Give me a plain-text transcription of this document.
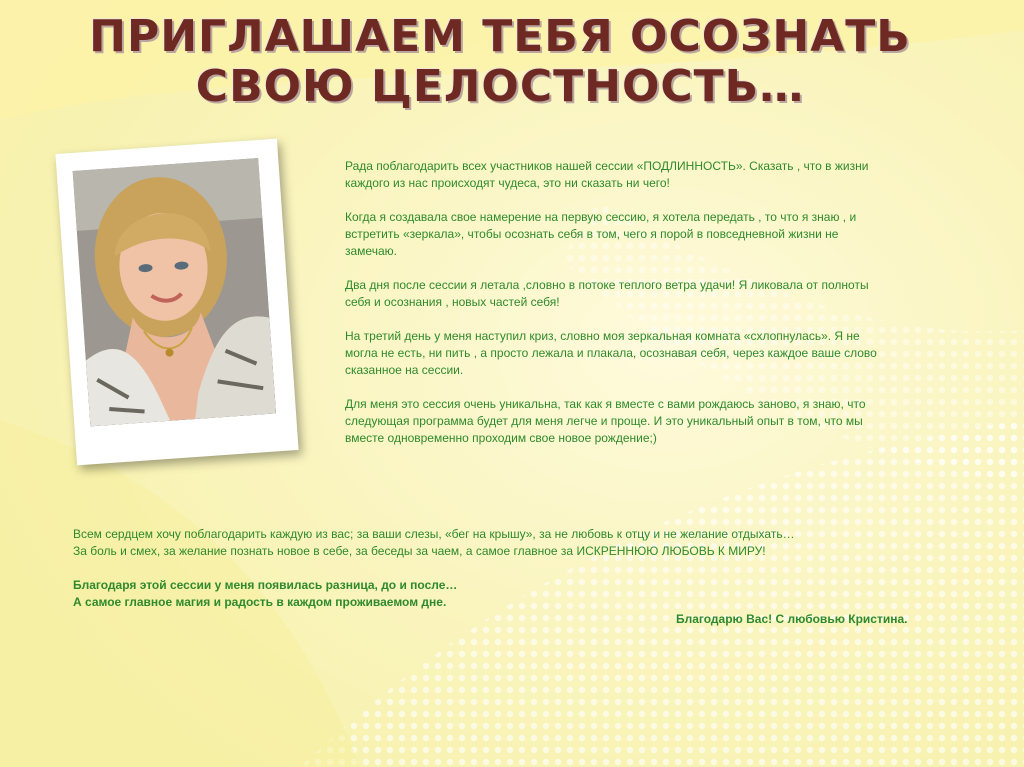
ПРИГЛАШАЕМ ТЕБЯ ОСОЗНАТЬ
СВОЮ ЦЕЛОСТНОСТЬ…
Рада поблагодарить всех участников нашей сессии «ПОДЛИННОСТЬ». Сказать , что в жизни
каждого из нас происходят чудеса, это ни сказать ни чего!
Когда я создавала свое намерение на первую сессию, я хотела передать , то что я знаю , и
встретить «зеркала», чтобы осознать себя в том, чего я порой в повседневной жизни не
замечаю.
Два дня после сессии я летала ,словно в потоке теплого ветра удачи! Я ликовала от полноты
себя и осознания , новых частей себя!
На третий день у меня наступил криз, словно моя зеркальная комната «схлопнулась». Я не
могла не есть, ни пить , а просто лежала и плакала, осознавая себя, через каждое ваше слово
сказанное на сессии.
Для меня это сессия очень уникальна, так как я вместе с вами рождаюсь заново, я знаю, что
следующая программа будет для меня легче и проще. И это уникальный опыт в том, что мы
вместе одновременно проходим свое новое рождение;)
Всем сердцем хочу поблагодарить каждую из вас; за ваши слезы, «бег на крышу», за не любовь к отцу и не желание отдыхать…
За боль и смех, за желание познать новое в себе, за беседы за чаем, а самое главное за ИСКРЕННЮЮ ЛЮБОВЬ К МИРУ!
Благодаря этой сессии у меня появилась разница, до и после…
А самое главное магия и радость в каждом проживаемом дне.
Благодарю Вас! С любовью Кристина.
